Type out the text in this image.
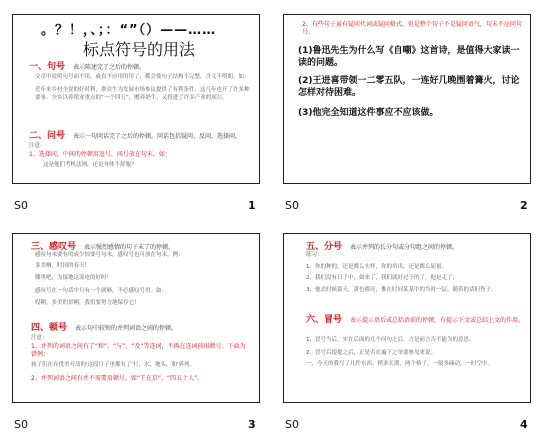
。？！，、；：“”（）——……
标点符号的用法
一、句号 表示陈述完了之后的停顿。
文章中说明句号而不用，或直不应用的用了，都会使句子结构不完整，含义不明朗。如：
近年来乡村全党的好时利，群众生为发展市场参议提供了有利条件，这几年也开了许多种要事。全乡以养殖业重点的“一个四五”，赠养奶牛，又投进了许多产业的项目。
二、问号 表示一句问话完了之后的停顿。问话包括疑问、反问、选择问。
注意：
1、选择问，中间的停顿用逗号，问号放在句末。如：
这是他们考机法则，还是身体不舒服？
S0	1
2、有些句子虽有疑问代词或疑问格式，但是整个句子不是疑问语气，句末不应问句号。
(1)鲁迅先生为什么写《自嘲》这首诗，是值得大家读一读的问题。
(2)王进喜带领一二零五队，一连好几晚围着篝火，讨论怎样对待困难。
(3)他完全知道这件事应不应该做。
S0	2
三、感叹号 表示强烈感情的句子末了的停顿。
感叹句末要有的或少惊要号句末，感叹号也可放在句末。例：
多美啊，时国的春天！
哪里吧，为接地这部电的好吗！
感叹号在一句话中只有一个就够，不必感叹号用。如：
哎啊，多美的景啊，我们要努力地保存它！
四、顿号 表示句中较短的并列词语之间的停顿。
注意：
1、并列的词语之间有了“和”、“与”、“及”等连词，不再在连词前用顿号。下面为错例：
孩子们在在优美开动的'这段日子里都有了'行、水、地头、和'界列。
2、并列词语之间有并不需要用顿号，如“王在京”、“四五十人”。
S0	3
五、分号 表示并列的长分句或分句组之间的停顿。
练习：
1、你的种的，还是都么实样，你的举出，还是都么屈量。
2、我们没有日子中，如来了，我们就好过于的了，他是走了，
3、他去时候幕天，黄色都亮，惟在时间某某中的当时一层。随着的话们伤子。
六、冒号 表示提示语后或总括语前的停顿，有提示下文或总结上文的作用。
1、冒号当后，实在后面的几个问句之后，言是前言否不能为的意思。
2、冒号后提提之后，正是否在遍下之举要参见来说。
一、今天的我写了几件东西，稍多长期，两个格子，一般多碰动，一时空中。
S0	4
